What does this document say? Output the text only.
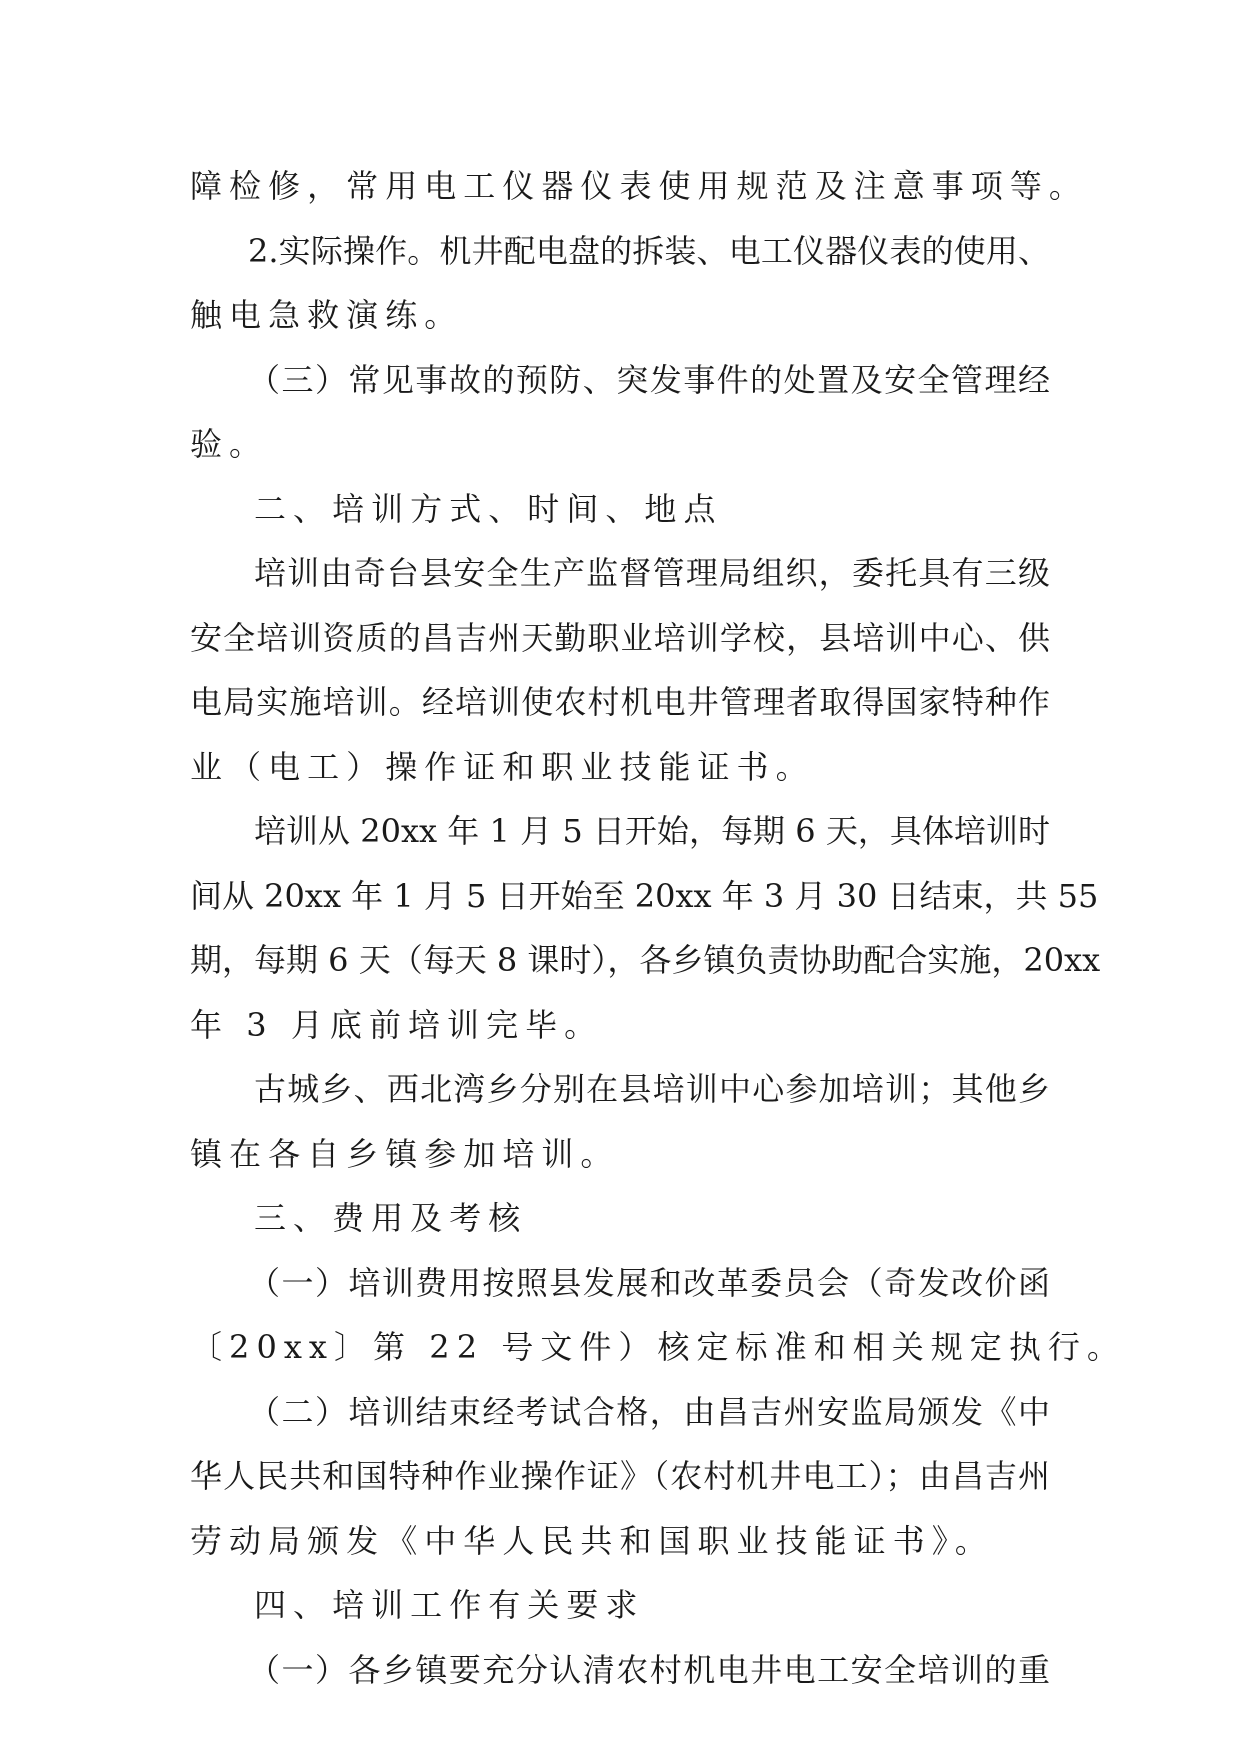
障检修，常用电工仪器仪表使用规范及注意事项等。
2.实际操作。机井配电盘的拆装、电工仪器仪表的使用、
触电急救演练。
（三）常见事故的预防、突发事件的处置及安全管理经
验。
二、培训方式、时间、地点
培训由奇台县安全生产监督管理局组织，委托具有三级
安全培训资质的昌吉州天勤职业培训学校，县培训中心、供
电局实施培训。经培训使农村机电井管理者取得国家特种作
业（电工）操作证和职业技能证书。
培训从 20xx 年 1 月 5 日开始，每期 6 天，具体培训时
间从 20xx 年 1 月 5 日开始至 20xx 年 3 月 30 日结束，共 55
期，每期 6 天（每天 8 课时），各乡镇负责协助配合实施，20xx
年 3 月底前培训完毕。
古城乡、西北湾乡分别在县培训中心参加培训；其他乡
镇在各自乡镇参加培训。
三、费用及考核
（一）培训费用按照县发展和改革委员会（奇发改价函
〔20xx〕第 22 号文件）核定标准和相关规定执行。
（二）培训结束经考试合格，由昌吉州安监局颁发《中
华人民共和国特种作业操作证》（农村机井电工）；由昌吉州
劳动局颁发《中华人民共和国职业技能证书》。
四、培训工作有关要求
（一）各乡镇要充分认清农村机电井电工安全培训的重
